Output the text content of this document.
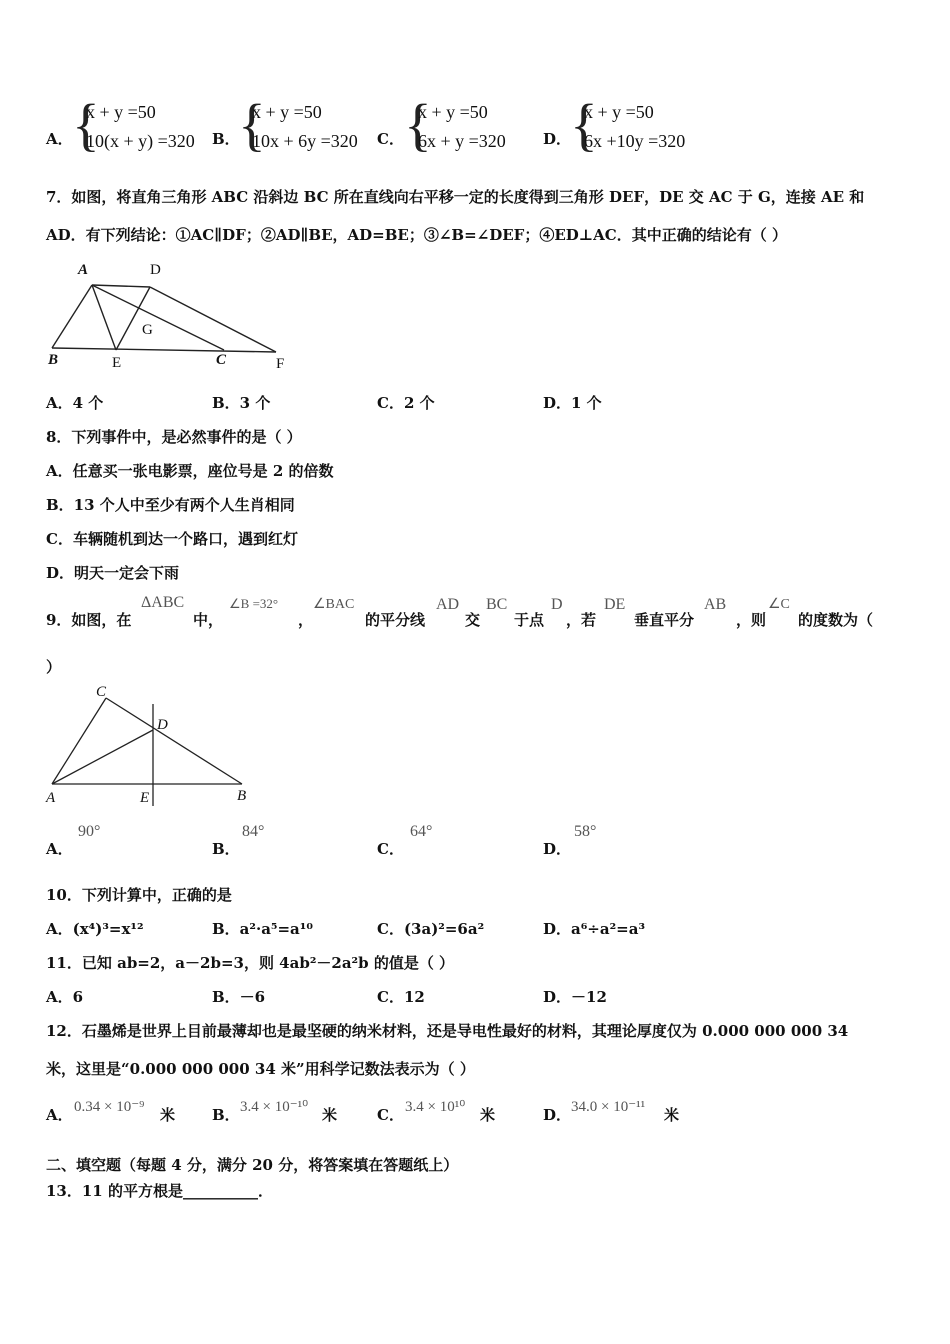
A． {
x + y =50
10(x + y) =320 B．
{
x + y =50
10x + 6y =320 C． {
x + y =50
6x + y =320 D．
{
x + y =50
6x +10y =320
7．如图，将直角三角形 ABC 沿斜边 BC 所在直线向右平移一定的长度得到三角形 DEF，DE 交 AC 于 G，连接 AE 和
AD．有下列结论：①AC∥DF；②AD∥BE，AD=BE；③∠B=∠DEF；④ED⊥AC．其中正确的结论有（ ）
A	D
G
B	E	C	F
A．4 个	B．3 个	C．2 个	D．1 个
8．下列事件中，是必然事件的是（ ）
A．任意买一张电影票，座位号是 2 的倍数
B．13 个人中至少有两个人生肖相同
C．车辆随机到达一个路口，遇到红灯
D．明天一定会下雨
9．如图，在
ΔABC
中，
∠B =32°
，
∠BAC
的平分线
AD
交
BC
于点
D
，若
DE
垂直平分
AB
，则
∠C
的度数为（
）
C
D
A	E	B
A．
90°
B．
84°
C．
64°
D．
58°
10．下列计算中，正确的是
A．(x⁴)³=x¹²	B．a²·a⁵=a¹⁰	C．(3a)²=6a²	D．a⁶÷a²=a³
11．已知 ab=2，a－2b=3，则 4ab²－2a²b 的值是（ ）
A．6	B．－6	C．12	D．－12
12．石墨烯是世界上目前最薄却也是最坚硬的纳米材料，还是导电性最好的材料，其理论厚度仅为 0.000 000 000 34
米，这里是“0.000 000 000 34 米”用科学记数法表示为（ ）
A． 0.34 × 10⁻⁹ 米 B． 3.4 × 10⁻¹⁰ 米	C． 3.4 × 10¹⁰ 米	D． 34.0 × 10⁻¹¹ 米
二、填空题（每题 4 分，满分 20 分，将答案填在答题纸上）
13．11 的平方根是__________．
